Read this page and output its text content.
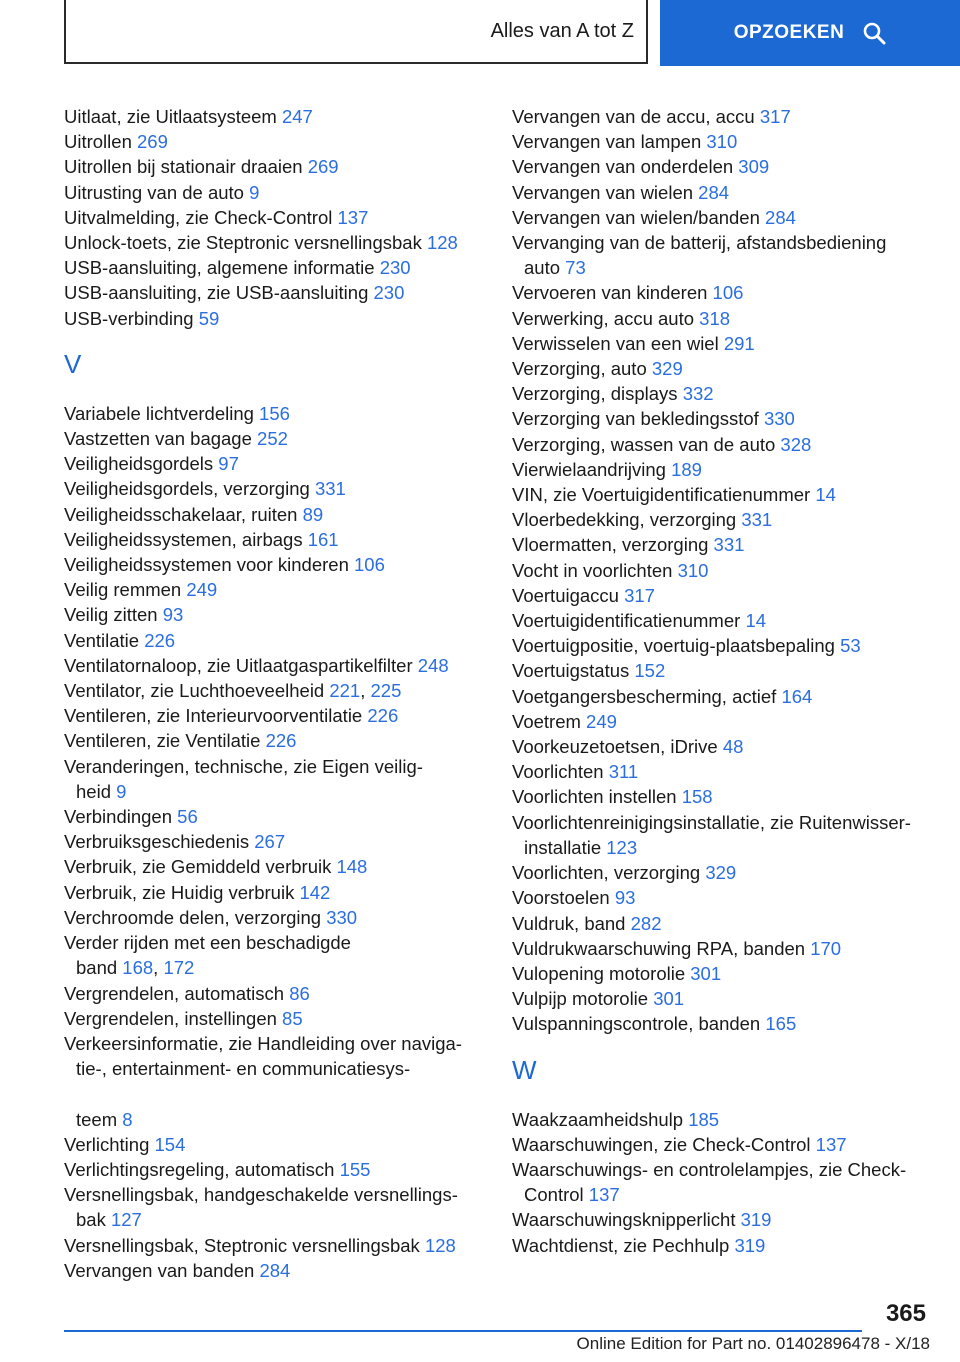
Alles van A tot Z	OPZOEKEN
Uitlaat, zie Uitlaatsysteem 247
Uitrollen 269
Uitrollen bij stationair draaien 269
Uitrusting van de auto 9
Uitvalmelding, zie Check-Control 137
Unlock-toets, zie Steptronic versnellingsbak 128
USB-aansluiting, algemene informatie 230
USB-aansluiting, zie USB-aansluiting 230
USB-verbinding 59
V
Variabele lichtverdeling 156
Vastzetten van bagage 252
Veiligheidsgordels 97
Veiligheidsgordels, verzorging 331
Veiligheidsschakelaar, ruiten 89
Veiligheidssystemen, airbags 161
Veiligheidssystemen voor kinderen 106
Veilig remmen 249
Veilig zitten 93
Ventilatie 226
Ventilatornaloop, zie Uitlaatgaspartikelfilter 248
Ventilator, zie Luchthoeveelheid 221, 225
Ventileren, zie Interieurvoorventilatie 226
Ventileren, zie Ventilatie 226
Veranderingen, technische, zie Eigen veilig-

heid 9
Verbindingen 56
Verbruiksgeschiedenis 267
Verbruik, zie Gemiddeld verbruik 148
Verbruik, zie Huidig verbruik 142
Verchroomde delen, verzorging 330
Verder rijden met een beschadigde

band 168, 172
Vergrendelen, automatisch 86
Vergrendelen, instellingen 85
Verkeersinformatie, zie Handleiding over naviga-

tie-, entertainment- en communicatiesys-

teem 8
Verlichting 154
Verlichtingsregeling, automatisch 155
Versnellingsbak, handgeschakelde versnellings-

bak 127
Versnellingsbak, Steptronic versnellingsbak 128
Vervangen van banden 284
Vervangen van de accu, accu 317
Vervangen van lampen 310
Vervangen van onderdelen 309
Vervangen van wielen 284
Vervangen van wielen/banden 284
Vervanging van de batterij, afstandsbediening

auto 73
Vervoeren van kinderen 106
Verwerking, accu auto 318
Verwisselen van een wiel 291
Verzorging, auto 329
Verzorging, displays 332
Verzorging van bekledingsstof 330
Verzorging, wassen van de auto 328
Vierwielaandrijving 189
VIN, zie Voertuigidentificatienummer 14
Vloerbedekking, verzorging 331
Vloermatten, verzorging 331
Vocht in voorlichten 310
Voertuigaccu 317
Voertuigidentificatienummer 14
Voertuigpositie, voertuig-plaatsbepaling 53
Voertuigstatus 152
Voetgangersbescherming, actief 164
Voetrem 249
Voorkeuzetoetsen, iDrive 48
Voorlichten 311
Voorlichten instellen 158
Voorlichtenreinigingsinstallatie, zie Ruitenwisser-

installatie 123
Voorlichten, verzorging 329
Voorstoelen 93
Vuldruk, band 282
Vuldrukwaarschuwing RPA, banden 170
Vulopening motorolie 301
Vulpijp motorolie 301
Vulspanningscontrole, banden 165
W
Waakzaamheidshulp 185
Waarschuwingen, zie Check-Control 137
Waarschuwings- en controlelampjes, zie Check-

Control 137
Waarschuwingsknipperlicht 319
Wachtdienst, zie Pechhulp 319
365
Online Edition for Part no. 01402896478 - X/18
